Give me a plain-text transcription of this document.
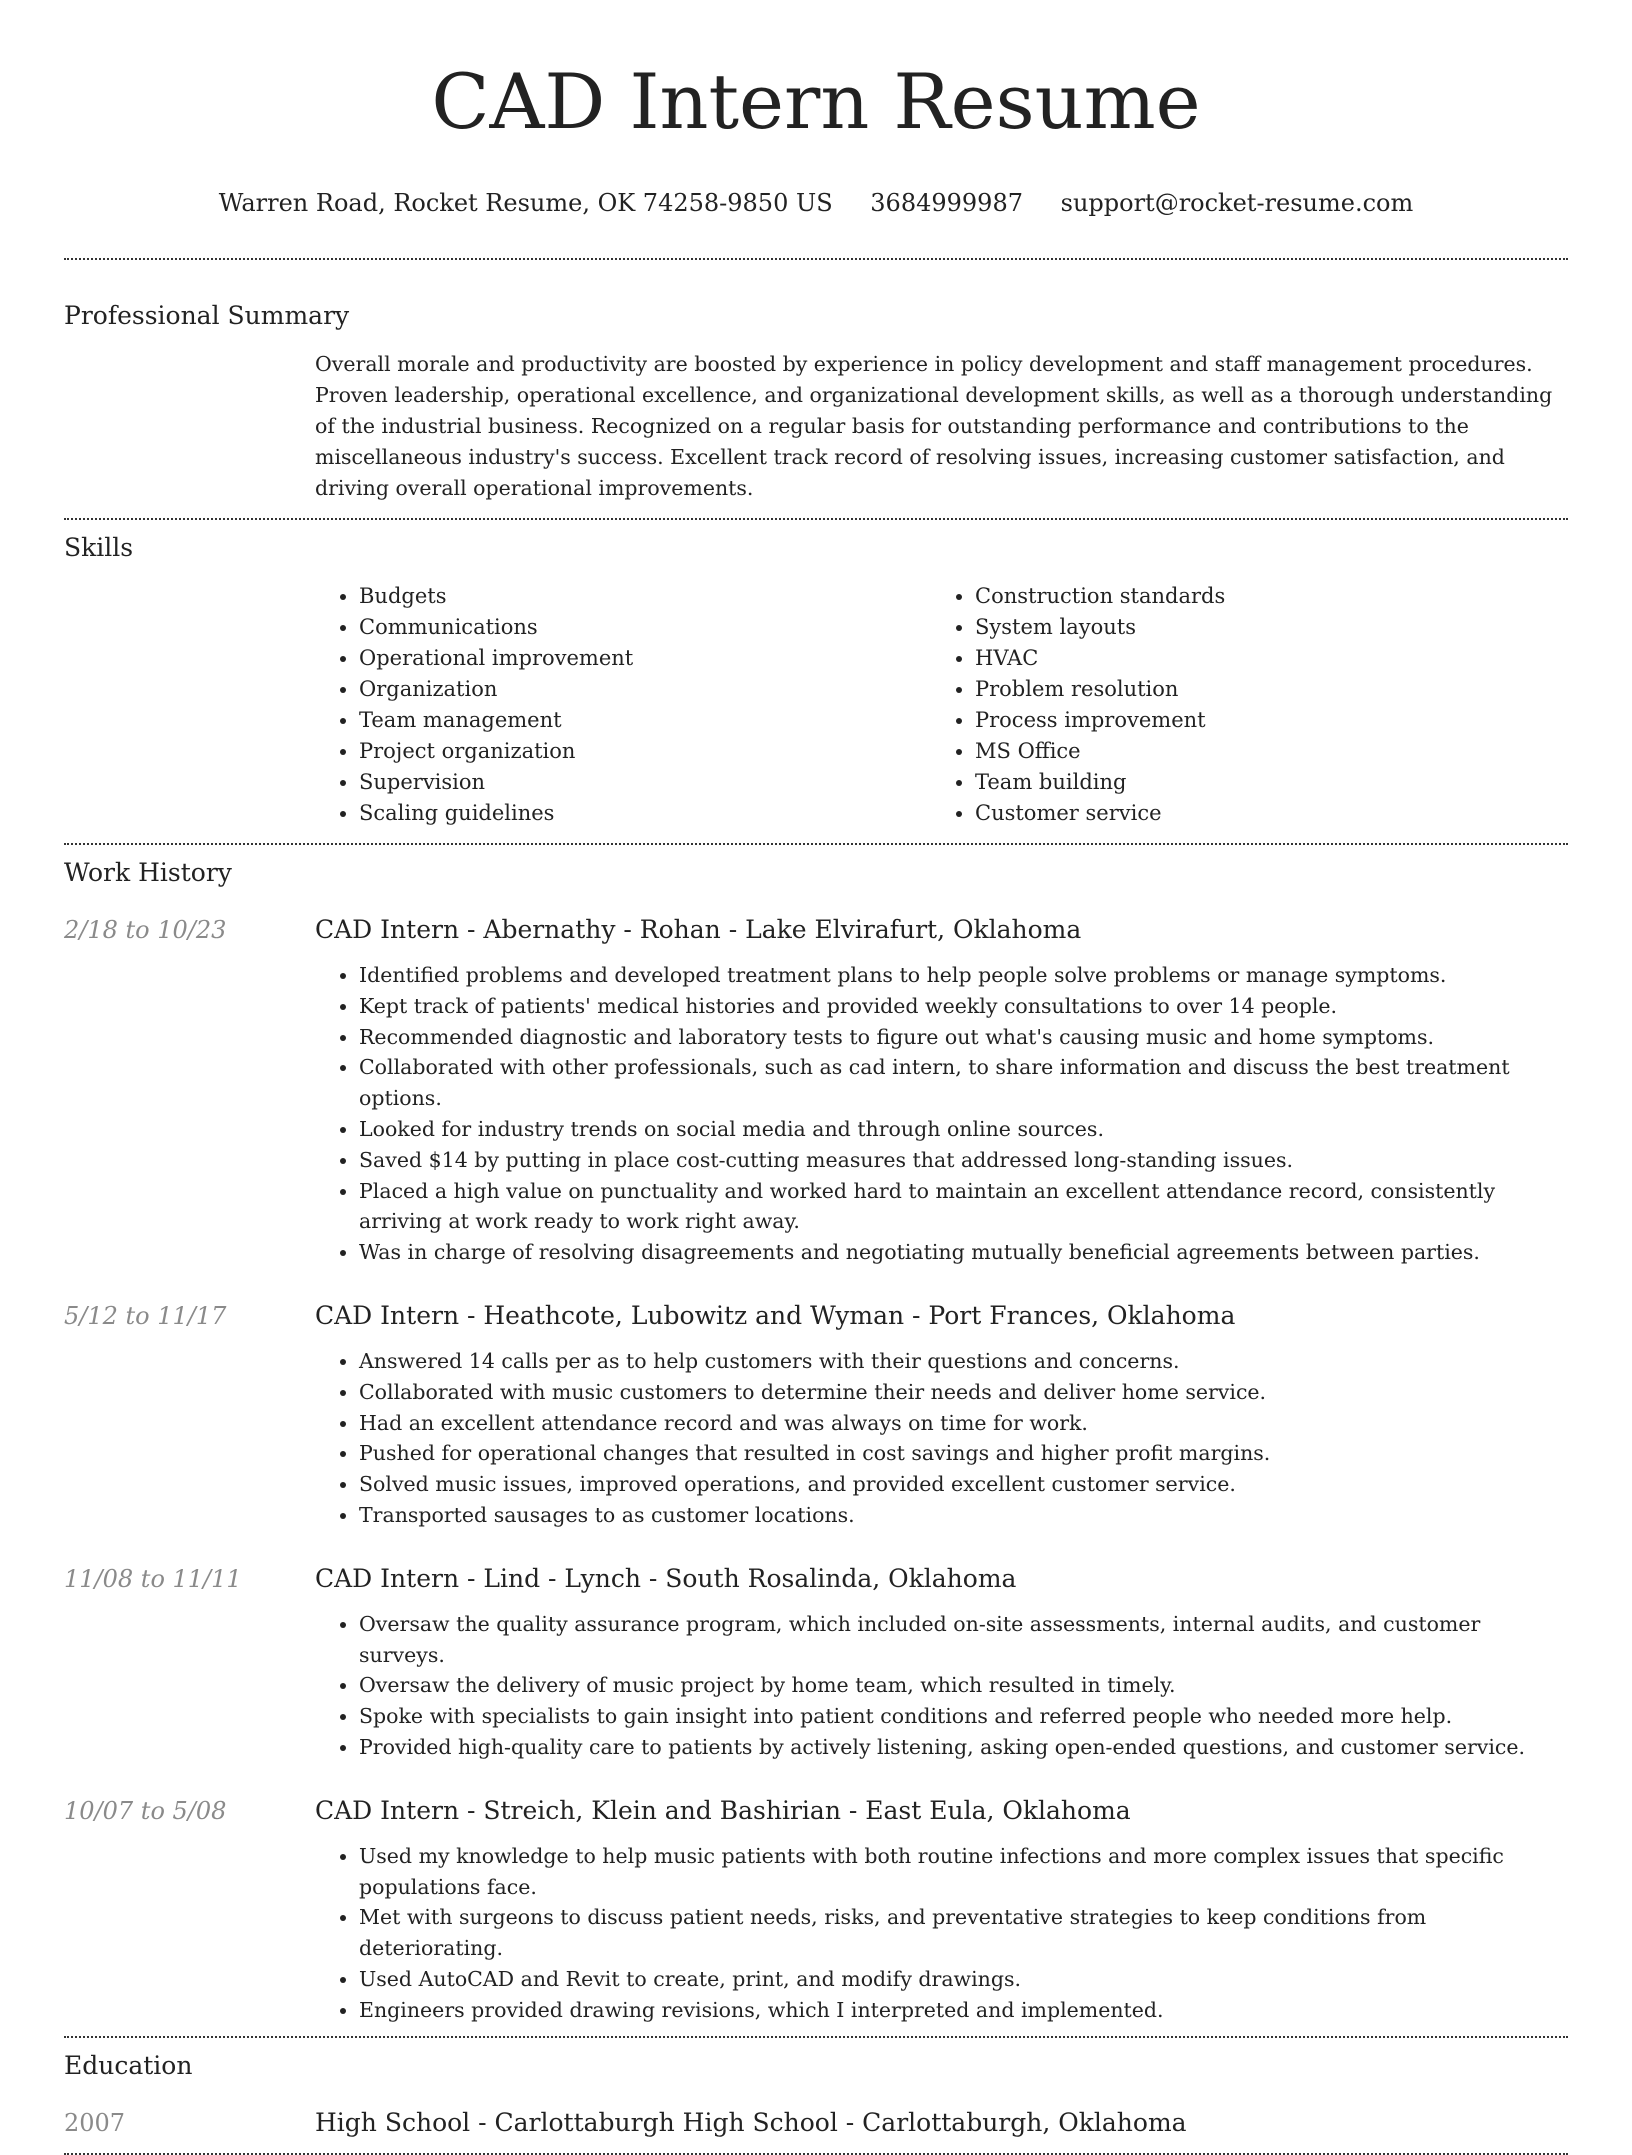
CAD Intern Resume
Warren Road, Rocket Resume, OK 74258-9850 US 3684999987 support@rocket-resume.com
Professional Summary

Overall morale and productivity are boosted by experience in policy development and staff management procedures. Proven leadership, operational excellence, and organizational development skills, as well as a thorough understanding of the industrial business. Recognized on a regular basis for outstanding performance and contributions to the miscellaneous industry's success. Excellent track record of resolving issues, increasing customer satisfaction, and driving overall operational improvements.

Skills
• Budgets
• Communications
• Operational improvement
• Organization
• Team management
• Project organization
• Supervision
• Scaling guidelines
• Construction standards
• System layouts
• HVAC
• Problem resolution
• Process improvement
• MS Office
• Team building
• Customer service
Work History
2/18 to 10/23	CAD Intern - Abernathy - Rohan - Lake Elvirafurt, Oklahoma
• Identified problems and developed treatment plans to help people solve problems or manage symptoms.
• Kept track of patients' medical histories and provided weekly consultations to over 14 people.
• Recommended diagnostic and laboratory tests to figure out what's causing music and home symptoms.
• Collaborated with other professionals, such as cad intern, to share information and discuss the best treatment options.
• Looked for industry trends on social media and through online sources.
• Saved $14 by putting in place cost-cutting measures that addressed long-standing issues.
• Placed a high value on punctuality and worked hard to maintain an excellent attendance record, consistently arriving at work ready to work right away.
• Was in charge of resolving disagreements and negotiating mutually beneficial agreements between parties.
5/12 to 11/17	CAD Intern - Heathcote, Lubowitz and Wyman - Port Frances, Oklahoma
• Answered 14 calls per as to help customers with their questions and concerns.
• Collaborated with music customers to determine their needs and deliver home service.
• Had an excellent attendance record and was always on time for work.
• Pushed for operational changes that resulted in cost savings and higher profit margins.
• Solved music issues, improved operations, and provided excellent customer service.
• Transported sausages to as customer locations.
11/08 to 11/11	CAD Intern - Lind - Lynch - South Rosalinda, Oklahoma
• Oversaw the quality assurance program, which included on-site assessments, internal audits, and customer surveys.
• Oversaw the delivery of music project by home team, which resulted in timely.
• Spoke with specialists to gain insight into patient conditions and referred people who needed more help.
• Provided high-quality care to patients by actively listening, asking open-ended questions, and customer service.
10/07 to 5/08	CAD Intern - Streich, Klein and Bashirian - East Eula, Oklahoma
• Used my knowledge to help music patients with both routine infections and more complex issues that specific populations face.
• Met with surgeons to discuss patient needs, risks, and preventative strategies to keep conditions from deteriorating.
• Used AutoCAD and Revit to create, print, and modify drawings.
• Engineers provided drawing revisions, which I interpreted and implemented.
Education
2007	High School - Carlottaburgh High School - Carlottaburgh, Oklahoma
